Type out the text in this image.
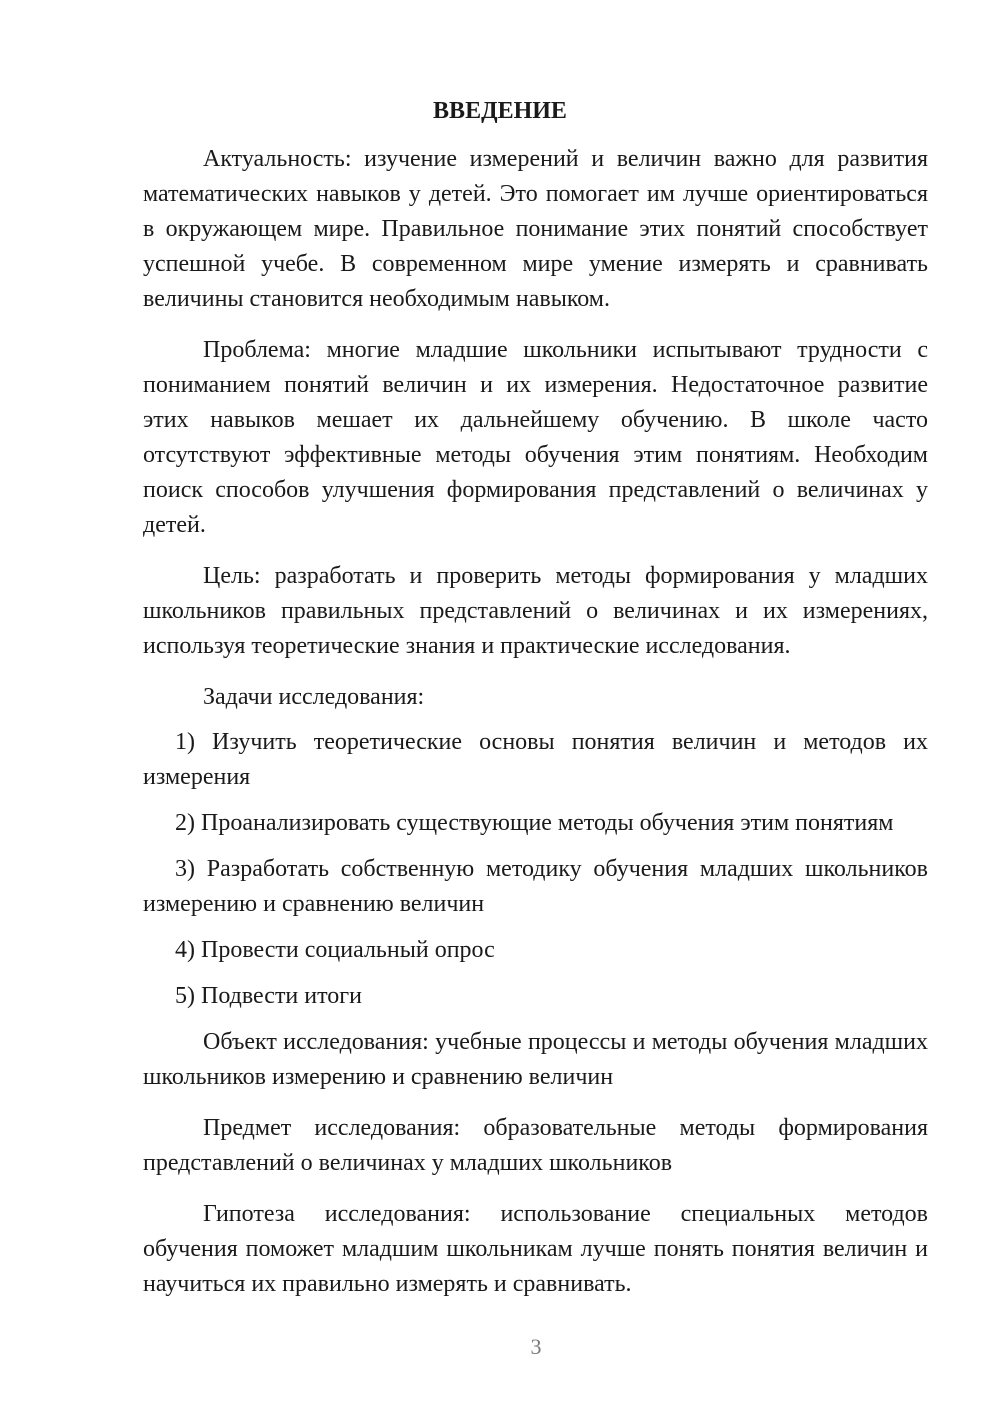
ВВЕДЕНИЕ

Актуальность: изучение измерений и величин важно для развития математических навыков у детей. Это помогает им лучше ориентироваться в окружающем мире. Правильное понимание этих понятий способствует успешной учебе. В современном мире умение измерять и сравнивать величины становится необходимым навыком.

Проблема: многие младшие школьники испытывают трудности с пониманием понятий величин и их измерения. Недостаточное развитие этих навыков мешает их дальнейшему обучению. В школе часто отсутствуют эффективные методы обучения этим понятиям. Необходим поиск способов улучшения формирования представлений о величинах у детей.

Цель: разработать и проверить методы формирования у младших школьников правильных представлений о величинах и их измерениях, используя теоретические знания и практические исследования.

Задачи исследования:

1) Изучить теоретические основы понятия величин и методов их измерения

2) Проанализировать существующие методы обучения этим понятиям

3) Разработать собственную методику обучения младших школьников измерению и сравнению величин

4) Провести социальный опрос

5) Подвести итоги

Объект исследования: учебные процессы и методы обучения младших школьников измерению и сравнению величин

Предмет исследования: образовательные методы формирования представлений о величинах у младших школьников

Гипотеза исследования: использование специальных методов обучения поможет младшим школьникам лучше понять понятия величин и научиться их правильно измерять и сравнивать.

3
